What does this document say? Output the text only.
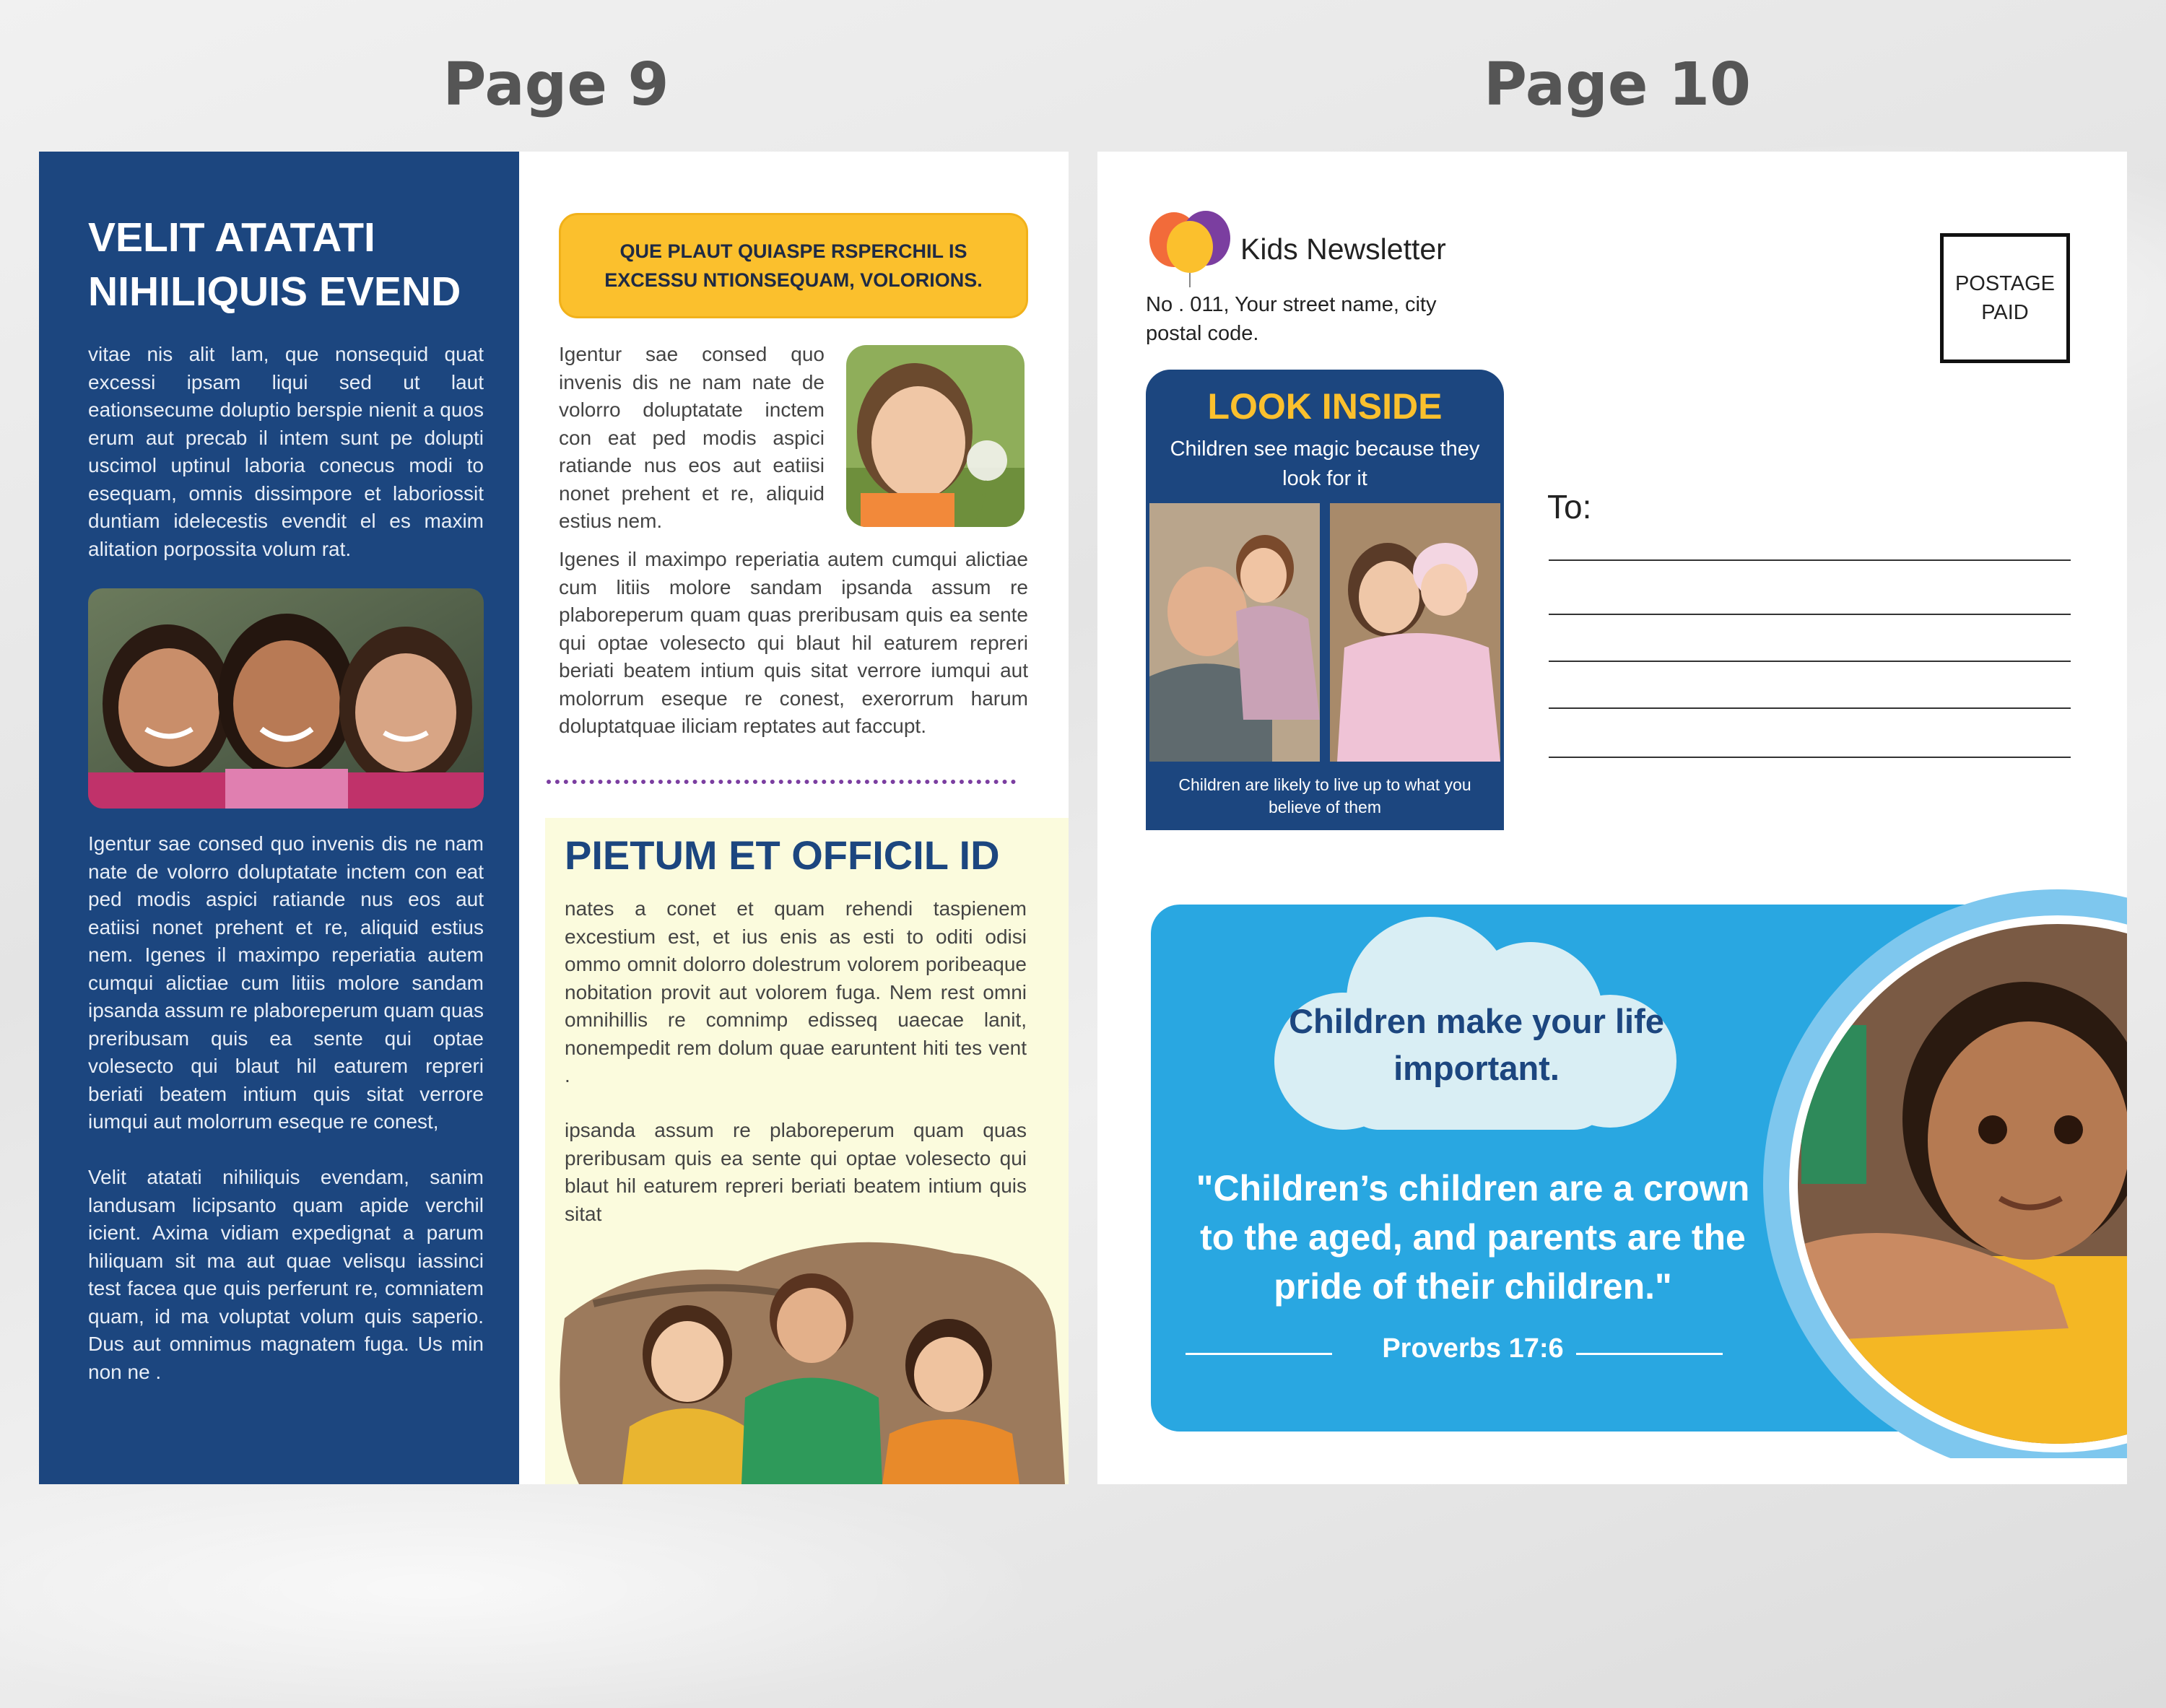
Page 9	Page 10
VELIT ATATATI NIHILIQUIS EVEND
vitae nis alit lam, que nonsequid quat excessi ipsam liqui sed ut laut eationsecume doluptio berspie nienit a quos erum aut precab il intem sunt pe dolupti uscimol uptinul laboria conecus modi to esequam, omnis dissimpore et laboriossit duntiam idelecestis evendit el es maxim alitation porpossita volum rat.
Igentur sae consed quo invenis dis ne nam nate de volorro doluptatate inctem con eat ped modis aspici ratiande nus eos aut eatiisi nonet prehent et re, aliquid estius nem. Igenes il maximpo reperiatia autem cumqui alictiae cum litiis molore sandam ipsanda assum re plaboreperum quam quas preribusam quis ea sente qui optae volesecto qui blaut hil eaturem repreri beriati beatem intium quis sitat verrore iumqui aut molorrum eseque re conest,
Velit atatati nihiliquis evendam, sanim landusam licipsanto quam apide verchil icient. Axima vidiam expedignat a parum hiliquam sit ma aut quae velisqu iassinci test facea que quis perferunt re, comniatem quam, id ma voluptat volum quis saperio. Dus aut omnimus magnatem fuga. Us min non ne .
QUE PLAUT QUIASPE RSPERCHIL IS EXCESSU NTIONSEQUAM, VOLORIONS.
Igentur sae consed quo invenis dis ne nam nate de volorro doluptatate inctem con eat ped modis aspici ratiande nus eos aut eatiisi nonet prehent et re, aliquid estius nem.
Igenes il maximpo reperiatia autem cumqui alictiae cum litiis molore sandam ipsanda assum re plaboreperum quam quas preribusam quis ea sente qui optae volesecto qui blaut hil eaturem repreri beriati beatem intium quis sitat verrore iumqui aut molorrum eseque re conest, exerorrum harum doluptatquae iliciam reptates aut faccupt.
PIETUM ET OFFICIL ID
nates a conet et quam rehendi taspienem excestium est, et ius enis as esti to oditi odisi ommo omnit dolorro dolestrum volorem poribeaque nobitation provit aut volorem fuga. Nem rest omni omnihillis re comnimp edisseq uaecae lanit, nonempedit rem dolum quae earuntent hiti tes vent .
ipsanda assum re plaboreperum quam quas preribusam quis ea sente qui optae volesecto qui blaut hil eaturem repreri beriati beatem intium quis sitat
Kids Newsletter
No . 011, Your street name, city postal code.
POSTAGE PAID
LOOK INSIDE
Children see magic because they look for it
Children are likely to live up to what you believe of them
To:
Children make your life important.
"Children’s children are a crown to the aged, and parents are the pride of their children."
Proverbs 17:6
